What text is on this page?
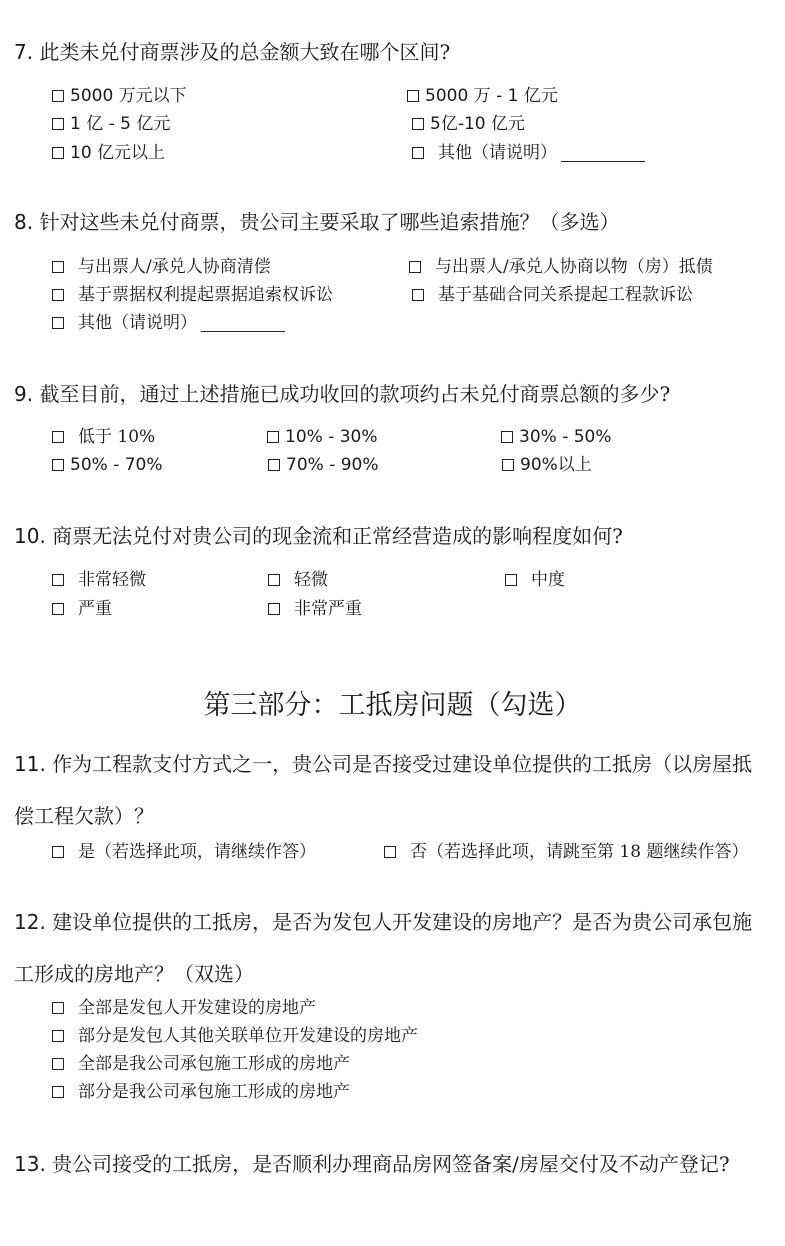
7. 此类未兑付商票涉及的总金额大致在哪个区间?
5000 万元以下	5000 万 - 1 亿元
1 亿 - 5 亿元	5亿-10 亿元
10 亿元以上	其他（请说明）
8. 针对这些未兑付商票，贵公司主要采取了哪些追索措施？（多选）
与出票人/承兑人协商清偿	与出票人/承兑人协商以物（房）抵债
基于票据权利提起票据追索权诉讼	基于基础合同关系提起工程款诉讼
其他（请说明）
9. 截至目前，通过上述措施已成功收回的款项约占未兑付商票总额的多少?
低于 10%	10% - 30%	30% - 50%
50% - 70%	70% - 90%	90%以上
10. 商票无法兑付对贵公司的现金流和正常经营造成的影响程度如何?
非常轻微	轻微	中度
严重	非常严重
第三部分：工抵房问题（勾选）
11. 作为工程款支付方式之一，贵公司是否接受过建设单位提供的工抵房（以房屋抵偿工程欠款）？
是（若选择此项，请继续作答）	否（若选择此项，请跳至第 18 题继续作答）
12. 建设单位提供的工抵房，是否为发包人开发建设的房地产？是否为贵公司承包施工形成的房地产？（双选）
全部是发包人开发建设的房地产
部分是发包人其他关联单位开发建设的房地产
全部是我公司承包施工形成的房地产
部分是我公司承包施工形成的房地产
13. 贵公司接受的工抵房，是否顺利办理商品房网签备案/房屋交付及不动产登记?
